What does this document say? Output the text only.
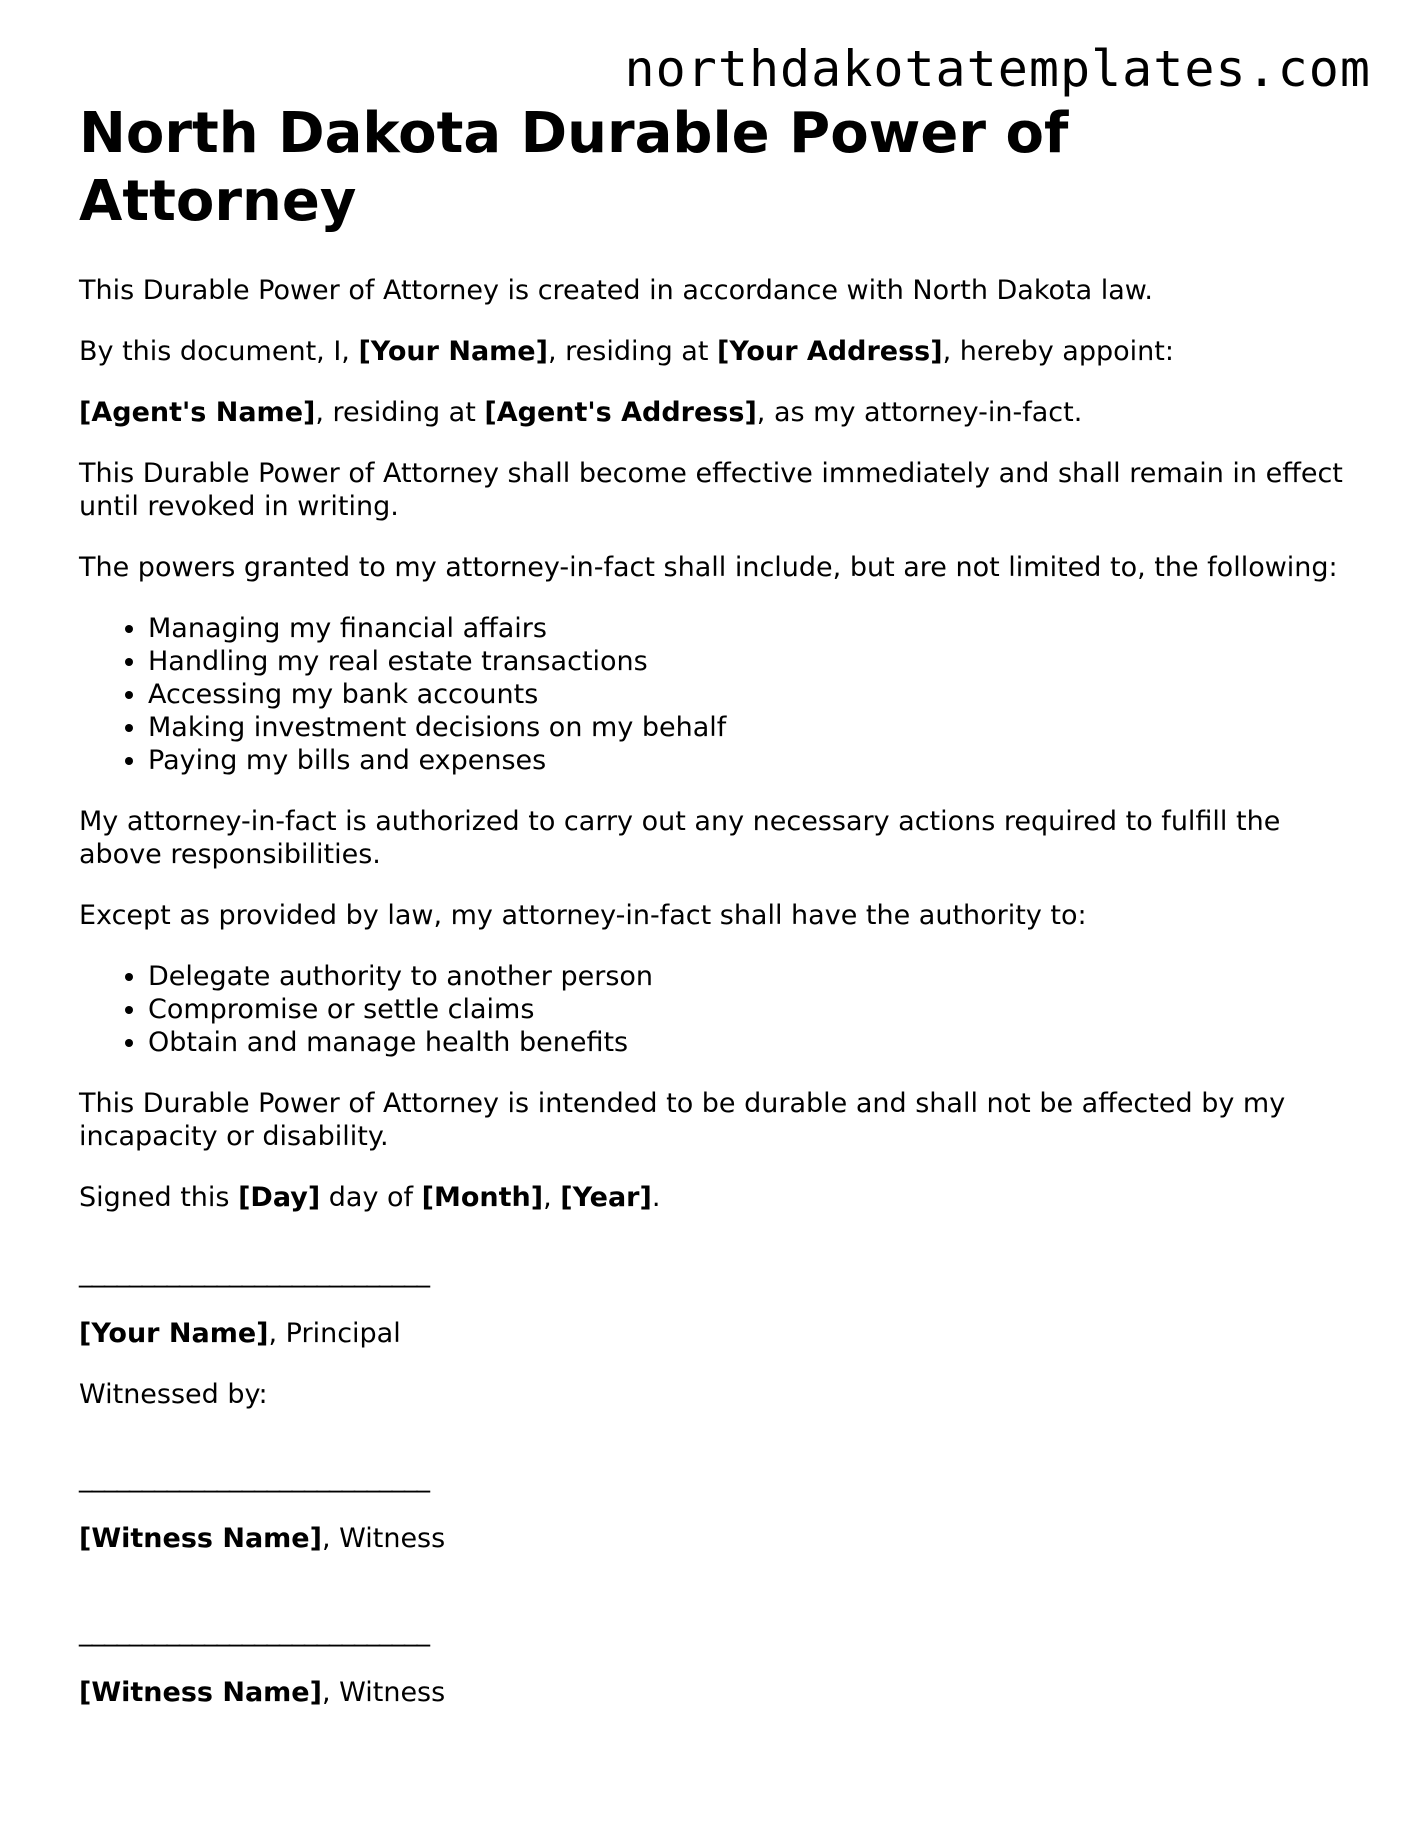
northdakotatemplates.com
North Dakota Durable Power of Attorney

This Durable Power of Attorney is created in accordance with North Dakota law.

By this document, I, [Your Name], residing at [Your Address], hereby appoint:

[Agent's Name], residing at [Agent's Address], as my attorney-in-fact.

This Durable Power of Attorney shall become effective immediately and shall remain in effect until revoked in writing.

The powers granted to my attorney-in-fact shall include, but are not limited to, the following:

• Managing my financial affairs
• Handling my real estate transactions
• Accessing my bank accounts
• Making investment decisions on my behalf
• Paying my bills and expenses

My attorney-in-fact is authorized to carry out any necessary actions required to fulfill the above responsibilities.

Except as provided by law, my attorney-in-fact shall have the authority to:

• Delegate authority to another person
• Compromise or settle claims
• Obtain and manage health benefits

This Durable Power of Attorney is intended to be durable and shall not be affected by my incapacity or disability.

Signed this [Day] day of [Month], [Year].

____________________________

[Your Name], Principal

Witnessed by:

____________________________

[Witness Name], Witness

____________________________

[Witness Name], Witness
